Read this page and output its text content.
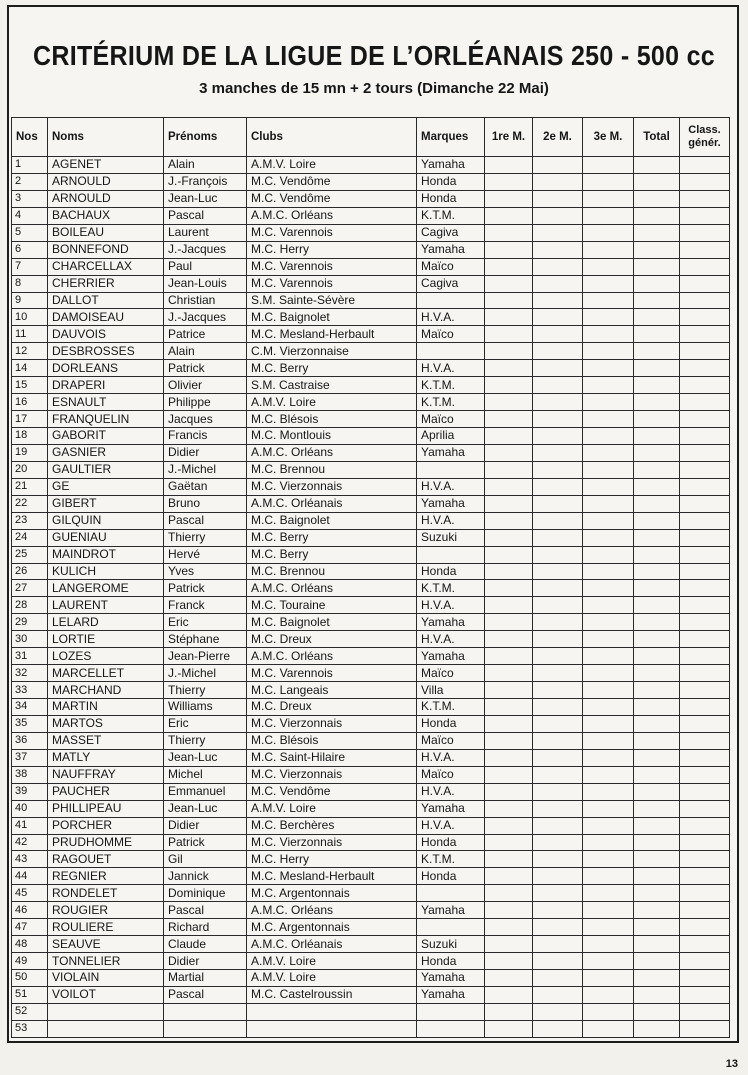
CRITÉRIUM DE LA LIGUE DE L’ORLÉANAIS 250 - 500 cc
3 manches de 15 mn + 2 tours (Dimanche 22 Mai)
Nos	Noms	Prénoms	Clubs	Marques	1re M.	2e M.	3e M.	Total	Class. génér.
1	AGENET	Alain	A.M.V. Loire	Yamaha					
2	ARNOULD	J.-François	M.C. Vendôme	Honda					
3	ARNOULD	Jean-Luc	M.C. Vendôme	Honda					
4	BACHAUX	Pascal	A.M.C. Orléans	K.T.M.					
5	BOILEAU	Laurent	M.C. Varennois	Cagiva					
6	BONNEFOND	J.-Jacques	M.C. Herry	Yamaha					
7	CHARCELLAX	Paul	M.C. Varennois	Maïco					
8	CHERRIER	Jean-Louis	M.C. Varennois	Cagiva					
9	DALLOT	Christian	S.M. Sainte-Sévère						
10	DAMOISEAU	J.-Jacques	M.C. Baignolet	H.V.A.					
11	DAUVOIS	Patrice	M.C. Mesland-Herbault	Maïco					
12	DESBROSSES	Alain	C.M. Vierzonnaise						
14	DORLEANS	Patrick	M.C. Berry	H.V.A.					
15	DRAPERI	Olivier	S.M. Castraise	K.T.M.					
16	ESNAULT	Philippe	A.M.V. Loire	K.T.M.					
17	FRANQUELIN	Jacques	M.C. Blésois	Maïco					
18	GABORIT	Francis	M.C. Montlouis	Aprilia					
19	GASNIER	Didier	A.M.C. Orléans	Yamaha					
20	GAULTIER	J.-Michel	M.C. Brennou						
21	GE	Gaëtan	M.C. Vierzonnais	H.V.A.					
22	GIBERT	Bruno	A.M.C. Orléanais	Yamaha					
23	GILQUIN	Pascal	M.C. Baignolet	H.V.A.					
24	GUENIAU	Thierry	M.C. Berry	Suzuki					
25	MAINDROT	Hervé	M.C. Berry						
26	KULICH	Yves	M.C. Brennou	Honda					
27	LANGEROME	Patrick	A.M.C. Orléans	K.T.M.					
28	LAURENT	Franck	M.C. Touraine	H.V.A.					
29	LELARD	Eric	M.C. Baignolet	Yamaha					
30	LORTIE	Stéphane	M.C. Dreux	H.V.A.					
31	LOZES	Jean-Pierre	A.M.C. Orléans	Yamaha					
32	MARCELLET	J.-Michel	M.C. Varennois	Maïco					
33	MARCHAND	Thierry	M.C. Langeais	Villa					
34	MARTIN	Williams	M.C. Dreux	K.T.M.					
35	MARTOS	Eric	M.C. Vierzonnais	Honda					
36	MASSET	Thierry	M.C. Blésois	Maïco					
37	MATLY	Jean-Luc	M.C. Saint-Hilaire	H.V.A.					
38	NAUFFRAY	Michel	M.C. Vierzonnais	Maïco					
39	PAUCHER	Emmanuel	M.C. Vendôme	H.V.A.					
40	PHILLIPEAU	Jean-Luc	A.M.V. Loire	Yamaha					
41	PORCHER	Didier	M.C. Berchères	H.V.A.					
42	PRUDHOMME	Patrick	M.C. Vierzonnais	Honda					
43	RAGOUET	Gil	M.C. Herry	K.T.M.					
44	REGNIER	Jannick	M.C. Mesland-Herbault	Honda					
45	RONDELET	Dominique	M.C. Argentonnais						
46	ROUGIER	Pascal	A.M.C. Orléans	Yamaha					
47	ROULIERE	Richard	M.C. Argentonnais						
48	SEAUVE	Claude	A.M.C. Orléanais	Suzuki					
49	TONNELIER	Didier	A.M.V. Loire	Honda					
50	VIOLAIN	Martial	A.M.V. Loire	Yamaha					
51	VOILOT	Pascal	M.C. Castelroussin	Yamaha					
52									
53									
13
